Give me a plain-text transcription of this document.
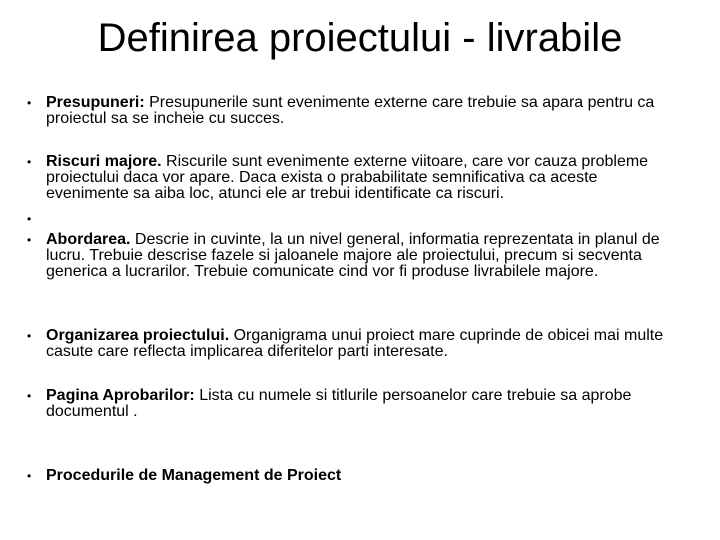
Definirea proiectului - livrabile
• Presupuneri: Presupunerile sunt evenimente externe care trebuie sa apara pentru ca proiectul sa se incheie cu succes.
• Riscuri majore. Riscurile sunt evenimente externe viitoare, care vor cauza probleme proiectului daca vor apare. Daca exista o prababilitate semnificativa ca aceste evenimente sa aiba loc, atunci ele ar trebui identificate ca riscuri.
•
• Abordarea. Descrie in cuvinte, la un nivel general, informatia reprezentata in planul de lucru. Trebuie descrise fazele si jaloanele majore ale proiectului, precum si secventa generica a lucrarilor. Trebuie comunicate cind vor fi produse livrabilele majore.
• Organizarea proiectului. Organigrama unui proiect mare cuprinde de obicei mai multe casute care reflecta implicarea diferitelor parti interesate.
• Pagina Aprobarilor: Lista cu numele si titlurile persoanelor care trebuie sa aprobe documentul .
• Procedurile de Management de Proiect
